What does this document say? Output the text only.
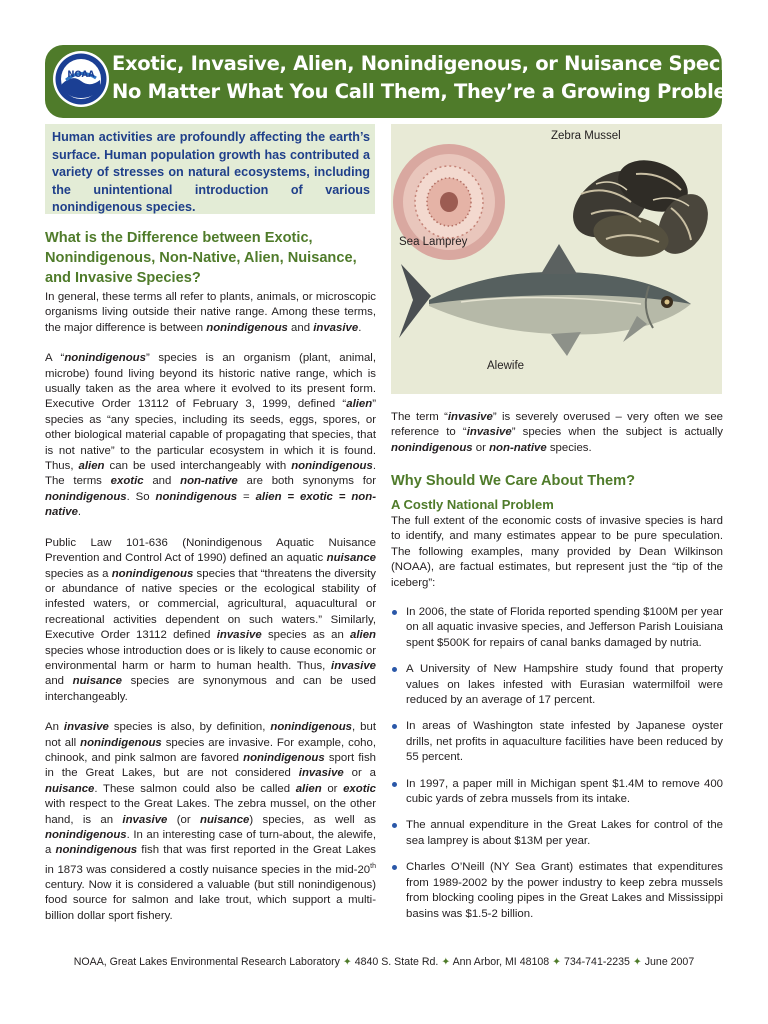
NOAA Exotic, Invasive, Alien, Nonindigenous, or Nuisance Species:
No Matter What You Call Them, They’re a Growing Problem
Human activities are profoundly affecting the earth’s surface. Human population growth has contributed a variety of stresses on natural ecosystems, including the unintentional introduction of various nonindigenous species.
What is the Difference between Exotic, Nonindigenous, Non-Native, Alien, Nuisance, and Invasive Species?

In general, these terms all refer to plants, animals, or microscopic organisms living outside their native range. Among these terms, the major difference is between nonindigenous and invasive.

A “nonindigenous” species is an organism (plant, animal, microbe) found living beyond its historic native range, which is usually taken as the area where it evolved to its present form. Executive Order 13112 of February 3, 1999, defined “alien” species as “any species, including its seeds, eggs, spores, or other biological material capable of propagating that species, that is not native” to the particular ecosystem in which it is found. Thus, alien can be used interchangeably with nonindigenous. The terms exotic and non-native are both synonyms for nonindigenous. So nonindigenous = alien = exotic = non-native.

Public Law 101-636 (Nonindigenous Aquatic Nuisance Prevention and Control Act of 1990) defined an aquatic nuisance species as a nonindigenous species that “threatens the diversity or abundance of native species or the ecological stability of infested waters, or commercial, agricultural, aquacultural or recreational activities dependent on such waters.” Similarly, Executive Order 13112 defined invasive species as an alien species whose introduction does or is likely to cause economic or environmental harm or harm to human health. Thus, invasive and nuisance species are synonymous and can be used interchangeably.

An invasive species is also, by definition, nonindigenous, but not all nonindigenous species are invasive. For example, coho, chinook, and pink salmon are favored nonindigenous sport fish in the Great Lakes, but are not considered invasive or a nuisance. These salmon could also be called alien or exotic with respect to the Great Lakes. The zebra mussel, on the other hand, is an invasive (or nuisance) species, as well as nonindigenous. In an interesting case of turn-about, the alewife, a nonindigenous fish that was first reported in the Great Lakes in 1873 was considered a costly nuisance species in the mid-20th century. Now it is considered a valuable (but still nonindigenous) food source for salmon and lake trout, which support a multi-billion dollar sport fishery.

Zebra Mussel
Sea Lamprey
Alewife
The term “invasive” is severely overused – very often we see reference to “invasive” species when the subject is actually nonindigenous or non-native species.
Why Should We Care About Them?
A Costly National Problem
The full extent of the economic costs of invasive species is hard to identify, and many estimates appear to be pure speculation. The following examples, many provided by Dean Wilkinson (NOAA), are factual estimates, but represent just the “tip of the iceberg”:
In 2006, the state of Florida reported spending $100M per year on all aquatic invasive species, and Jefferson Parish Louisiana spent $500K for repairs of canal banks damaged by nutria.
A University of New Hampshire study found that property values on lakes infested with Eurasian watermilfoil were reduced by an average of 17 percent.
In areas of Washington state infested by Japanese oyster drills, net profits in aquaculture facilities have been reduced by 55 percent.
In 1997, a paper mill in Michigan spent $1.4M to remove 400 cubic yards of zebra mussels from its intake.
The annual expenditure in the Great Lakes for control of the sea lamprey is about $13M per year.
Charles O’Neill (NY Sea Grant) estimates that expenditures from 1989-2002 by the power industry to keep zebra mussels from blocking cooling pipes in the Great Lakes and Mississippi basins was $1.5-2 billion.
NOAA, Great Lakes Environmental Research Laboratory ✦ 4840 S. State Rd. ✦ Ann Arbor, MI 48108 ✦ 734-741-2235 ✦ June 2007
